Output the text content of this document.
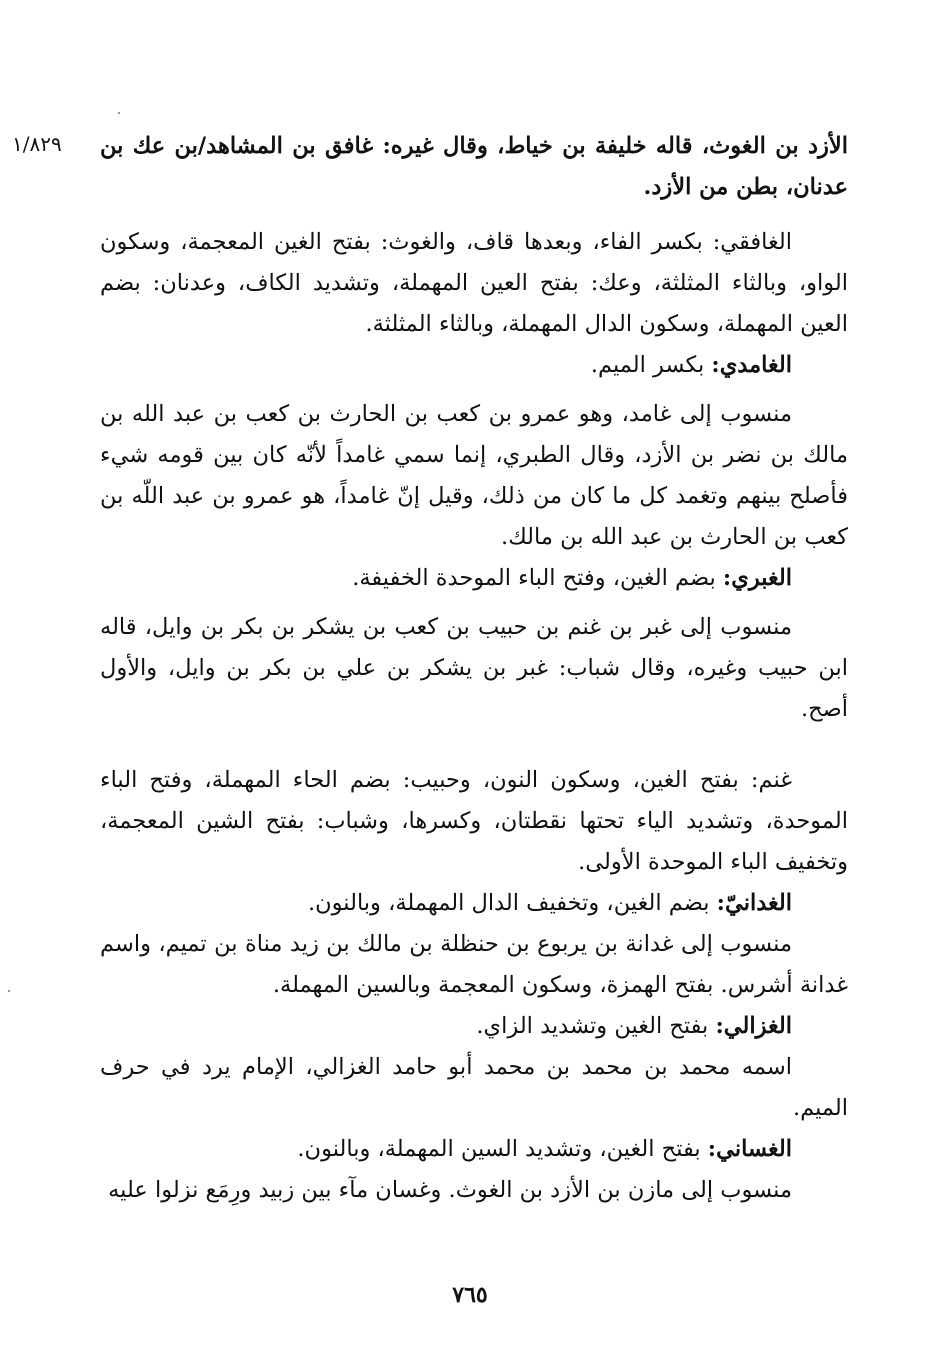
١/٨٢٩ الأزد بن الغوث، قاله خليفة بن خياط، وقال غيره: غافق بن المشاهد/بن عك بن عدنان، بطن من الأزد.

الغافقي: بكسر الفاء، وبعدها قاف، والغوث: بفتح الغين المعجمة، وسكون الواو، وبالثاء المثلثة، وعك: بفتح العين المهملة، وتشديد الكاف، وعدنان: بضم العين المهملة، وسكون الدال المهملة، وبالثاء المثلثة.

الغامدي: بكسر الميم.

منسوب إلى غامد، وهو عمرو بن كعب بن الحارث بن كعب بن عبد الله بن مالك بن نضر بن الأزد، وقال الطبري، إنما سمي غامداً لأنّه كان بين قومه شيء فأصلح بينهم وتغمد كل ما كان من ذلك، وقيل إنّ غامداً، هو عمرو بن عبد اللّه بن كعب بن الحارث بن عبد الله بن مالك.

الغبري: بضم الغين، وفتح الباء الموحدة الخفيفة.

منسوب إلى غبر بن غنم بن حبيب بن كعب بن يشكر بن بكر بن وايل، قاله ابن حبيب وغيره، وقال شباب: غبر بن يشكر بن علي بن بكر بن وايل، والأول أصح.

غنم: بفتح الغين، وسكون النون، وحبيب: بضم الحاء المهملة، وفتح الباء الموحدة، وتشديد الياء تحتها نقطتان، وكسرها، وشباب: بفتح الشين المعجمة، وتخفيف الباء الموحدة الأولى.

الغدانيّ: بضم الغين، وتخفيف الدال المهملة، وبالنون.

منسوب إلى غدانة بن يربوع بن حنظلة بن مالك بن زيد مناة بن تميم، واسم غدانة أشرس. بفتح الهمزة، وسكون المعجمة وبالسين المهملة.

الغزالي: بفتح الغين وتشديد الزاي.

اسمه محمد بن محمد بن محمد أبو حامد الغزالي، الإمام يرد في حرف الميم.

الغساني: بفتح الغين، وتشديد السين المهملة، وبالنون.

منسوب إلى مازن بن الأزد بن الغوث. وغسان مآء بين زبيد ورِمَع نزلوا عليه

٧٦٥
